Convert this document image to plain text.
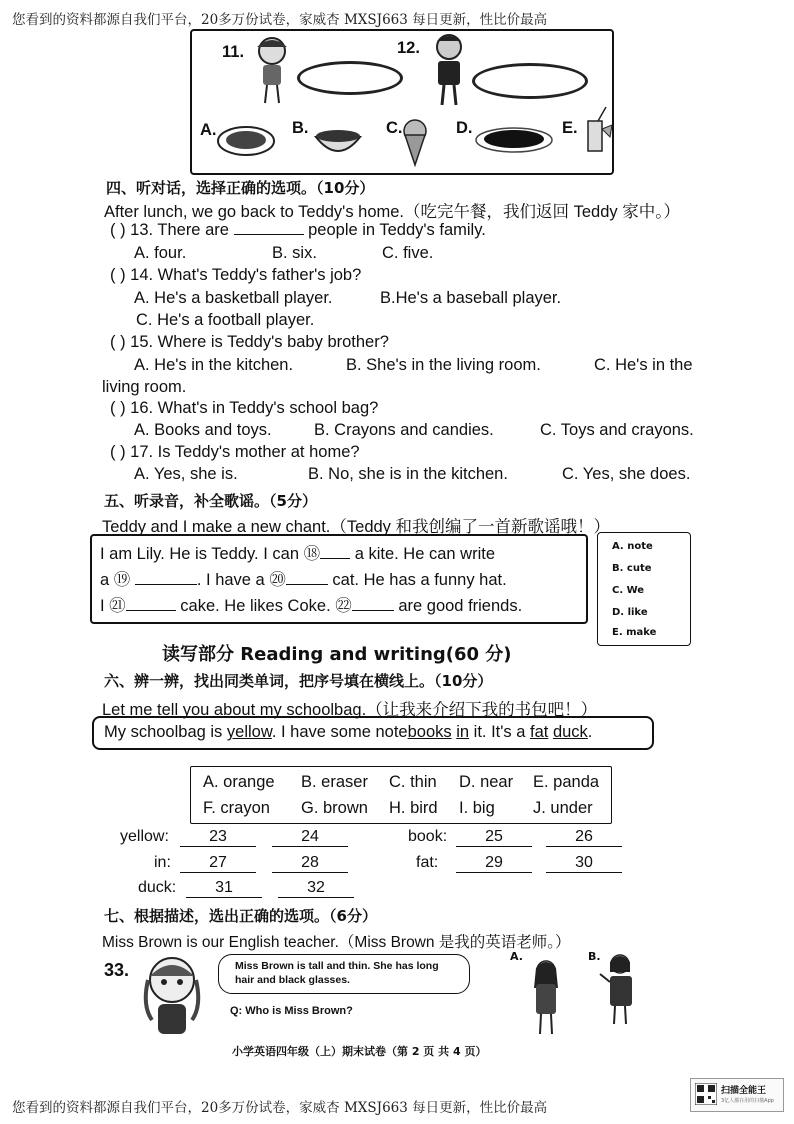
您看到的资料都源自我们平台，20多万份试卷，家威杏 MXSJ663 每日更新，性比价最高
11.	12.
A.	B.	C.	D.	E.
四、听对话，选择正确的选项。（10分）
After lunch, we go back to Teddy's home.（吃完午餐，我们返回 Teddy 家中。）
( ) 13. There are	people in Teddy's family.
A. four.	B. six.	C. five.
( ) 14. What's Teddy's father's job?
A. He's a basketball player.	B.He's a baseball player.
C. He's a football player.
( ) 15. Where is Teddy's baby brother?
A. He's in the kitchen.	B. She's in the living room.	C. He's in the
living room.
( ) 16. What's in Teddy's school bag?
A. Books and toys.	B. Crayons and candies.	C. Toys and crayons.
( ) 17. Is Teddy's mother at home?
A. Yes, she is.	B. No, she is in the kitchen.	C. Yes, she does.
五、听录音，补全歌谣。（5分）
Teddy and I make a new chant.（Teddy 和我创编了一首新歌谣哦！）
I am Lily. He is Teddy. I can ⑱ a kite. He can write
a ⑲	. I have a ⑳	cat. He has a funny hat.
I ㉑	cake. He likes Coke. ㉒	are good friends.
A. note
B. cute
C. We
D. like
E. make
读写部分 Reading and writing(60 分)
六、辨一辨，找出同类单词，把序号填在横线上。（10分）
Let me tell you about my schoolbag.（让我来介绍下我的书包吧！）
My schoolbag is yellow. I have some notebooks in it. It's a fat duck.
A. orange B. eraser C. thin D. near E. panda
F. crayon G. brown H. bird I. big J. under
yellow:	23	24	book:	25	26
in:	27	28	fat:	29	30
duck:	31	32
七、根据描述，选出正确的选项。（6分）
Miss Brown is our English teacher.（Miss Brown 是我的英语老师。）
33.	Miss Brown is tall and thin. She has long hair and black glasses.
Q: Who is Miss Brown?
A.	B.
小学英语四年级（上）期末试卷（第 2 页 共 4 页）
您看到的资料都源自我们平台，20多万份试卷，家威杏 MXSJ663 每日更新，性比价最高
扫描全能王
3亿人都在用的扫描App
